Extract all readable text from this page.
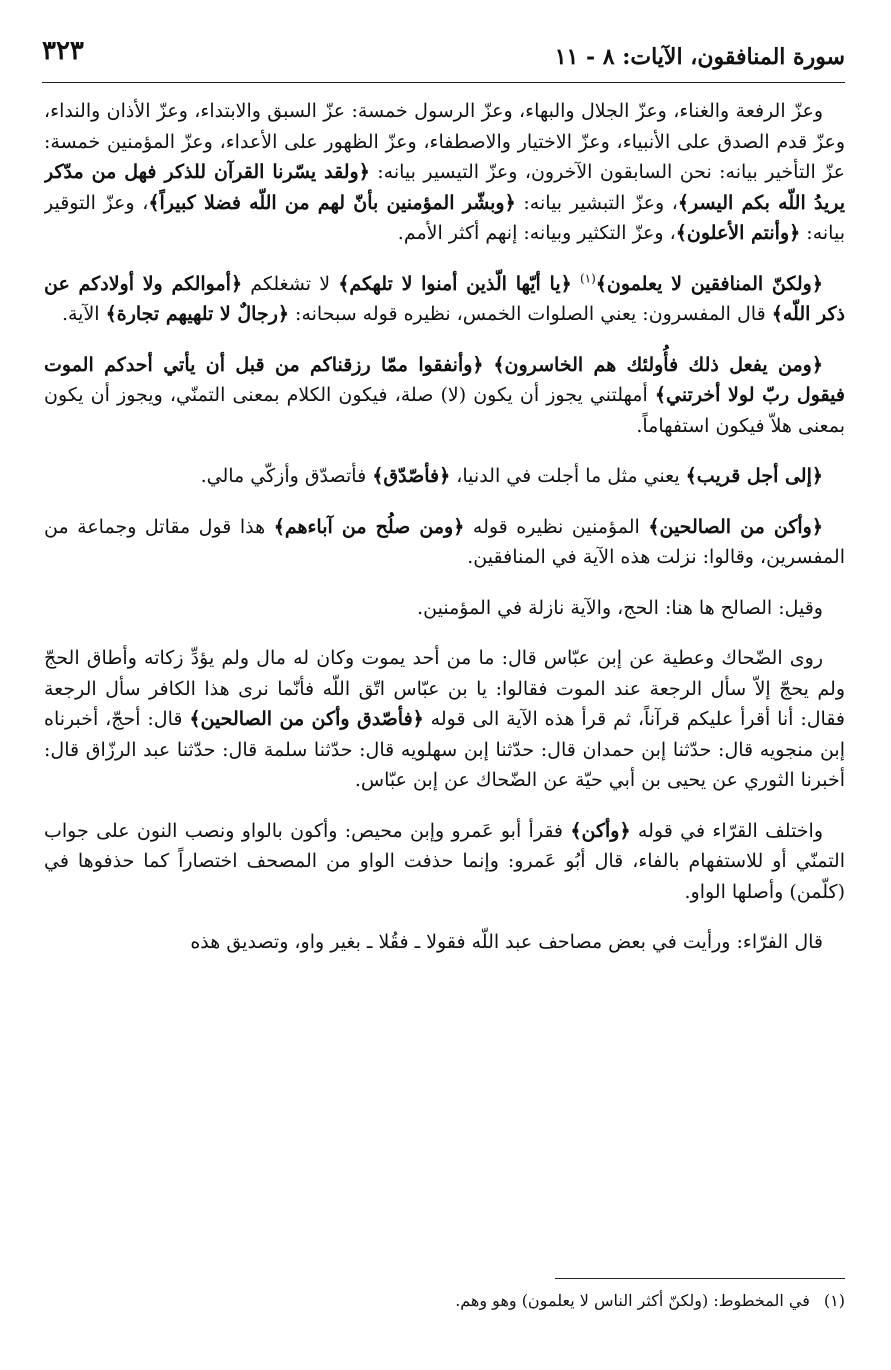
سورة المنافقون، الآيات: ٨ - ١١
٣٢٣

وعزّ الرفعة والغناء، وعزّ الجلال والبهاء، وعزّ الرسول خمسة: عزّ السبق والابتداء، وعزّ الأذان والنداء، وعزّ قدم الصدق على الأنبياء، وعزّ الاختيار والاصطفاء، وعزّ الظهور على الأعداء، وعزّ المؤمنين خمسة: عزّ التأخير بيانه: نحن السابقون الآخرون، وعزّ التيسير بيانه: ﴿ولقد يسّرنا القرآن للذكر فهل من مدّكر يريدُ اللّه بكم اليسر﴾، وعزّ التبشير بيانه: ﴿وبشّر المؤمنين بأنّ لهم من اللّه فضلا كبيراً﴾، وعزّ التوقير بيانه: ﴿وأنتم الأعلون﴾، وعزّ التكثير وبيانه: إنهم أكثر الأمم.

﴿ولكنّ المنافقين لا يعلمون﴾$^{(١)}$ ﴿يا أيّها الّذين أمنوا لا تلهكم﴾ لا تشغلكم ﴿أموالكم ولا أولادكم عن ذكر اللّه﴾ قال المفسرون: يعني الصلوات الخمس، نظيره قوله سبحانه: ﴿رجالٌ لا تلهيهم تجارة﴾ الآية.

﴿ومن يفعل ذلك فأُولئك هم الخاسرون﴾ ﴿وأنفقوا ممّا رزقناكم من قبل أن يأتي أحدكم الموت فيقول ربّ لولا أخرتني﴾ أمهلتني يجوز أن يكون (لا) صلة، فيكون الكلام بمعنى التمنّي، ويجوز أن يكون بمعنى هلاّ فيكون استفهاماً.

﴿إلى أجل قريب﴾ يعني مثل ما أجلت في الدنيا، ﴿فأصّدّق﴾ فأتصدّق وأزكّي مالي.

﴿وأكن من الصالحين﴾ المؤمنين نظيره قوله ﴿ومن صلُح من آباءهم﴾ هذا قول مقاتل وجماعة من المفسرين، وقالوا: نزلت هذه الآية في المنافقين.

وقيل: الصالح ها هنا: الحج، والآية نازلة في المؤمنين.

روى الضّحاك وعطية عن إبن عبّاس قال: ما من أحد يموت وكان له مال ولم يؤدِّ زكاته وأطاق الحجّ ولم يحجّ إلاّ سأل الرجعة عند الموت فقالوا: يا بن عبّاس اتّق اللّه فأنّما نرى هذا الكافر سأل الرجعة فقال: أنا أقرأ عليكم قرآناً، ثم قرأ هذه الآية الى قوله ﴿فأصّدق وأكن من الصالحين﴾ قال: أحجّ، أخبرناه إبن منجويه قال: حدّثنا إبن حمدان قال: حدّثنا إبن سهلويه قال: حدّثنا سلمة قال: حدّثنا عبد الرزّاق قال: أخبرنا الثوري عن يحيى بن أبي حيّة عن الضّحاك عن إبن عبّاس.

واختلف القرّاء في قوله ﴿وأكن﴾ فقرأ أبو عَمرو وإبن محيص: وأكون بالواو ونصب النون على جواب التمنّي أو للاستفهام بالفاء، قال أبُو عَمرو: وإنما حذفت الواو من المصحف اختصاراً كما حذفوها في (كلّمن) وأصلها الواو.

قال الفرّاء: ورأيت في بعض مصاحف عبد اللّه فقولا ـ فقُلا ـ بغير واو، وتصديق هذه

(١)في المخطوط: (ولكنّ أكثر الناس لا يعلمون) وهو وهم.
